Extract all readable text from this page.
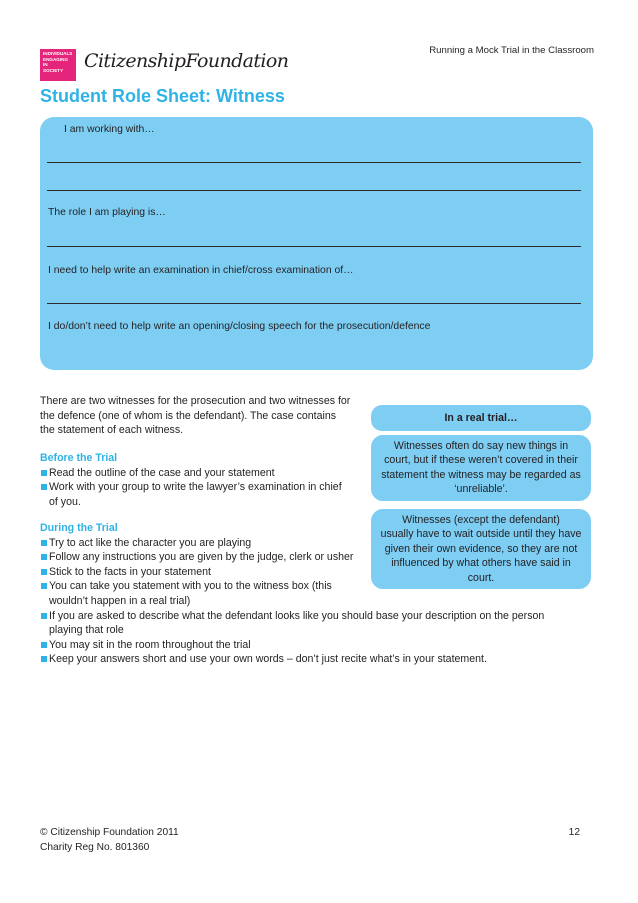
INDIVIDUALS
ENGAGING IN
SOCIETY	CitizenshipFoundation	Running a Mock Trial in the Classroom
Student Role Sheet: Witness
I am working with…
The role I am playing is…
I need to help write an examination in chief/cross examination of…
I do/don’t need to help write an opening/closing speech for the prosecution/defence
There are two witnesses for the prosecution and two witnesses for
the defence (one of whom is the defendant). The case contains
the statement of each witness.
Before the Trial
Read the outline of the case and your statement
Work with your group to write the lawyer’s examination in chief
of you.
During the Trial
Try to act like the character you are playing
Follow any instructions you are given by the judge, clerk or usher
Stick to the facts in your statement
You can take you statement with you to the witness box (this
wouldn’t happen in a real trial)
If you are asked to describe what the defendant looks like you should base your description on the person
playing that role
You may sit in the room throughout the trial
Keep your answers short and use your own words – don’t just recite what’s in your statement.
In a real trial…
Witnesses often do say new things in
court, but if these weren’t covered in their
statement the witness may be regarded as
‘unreliable’.
Witnesses (except the defendant)
usually have to wait outside until they have
given their own evidence, so they are not
influenced by what others have said in
court.
© Citizenship Foundation 2011
Charity Reg No. 801360
12
